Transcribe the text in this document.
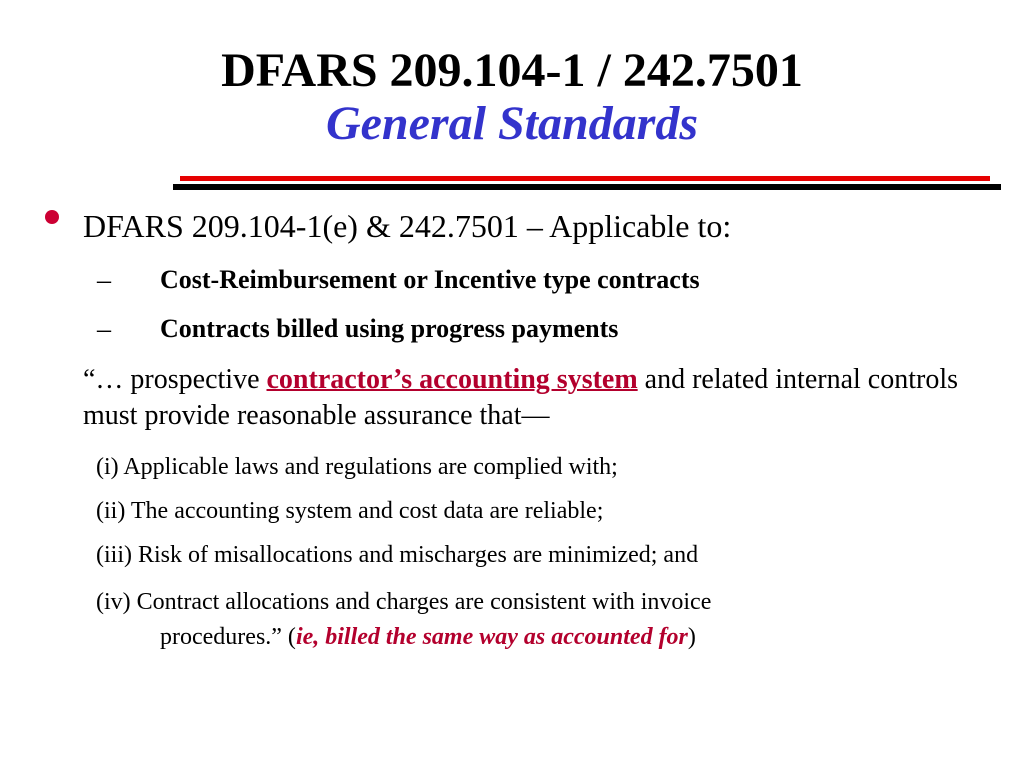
DFARS 209.104-1 / 242.7501
General Standards
DFARS 209.104-1(e) & 242.7501 – Applicable to:
– Cost-Reimbursement or Incentive type contracts
– Contracts billed using progress payments
“… prospective contractor’s accounting system and related internal controls must provide reasonable assurance that—
(i) Applicable laws and regulations are complied with;
(ii) The accounting system and cost data are reliable;
(iii) Risk of misallocations and mischarges are minimized; and
(iv) Contract allocations and charges are consistent with invoice
procedures.” (ie, billed the same way as accounted for)
